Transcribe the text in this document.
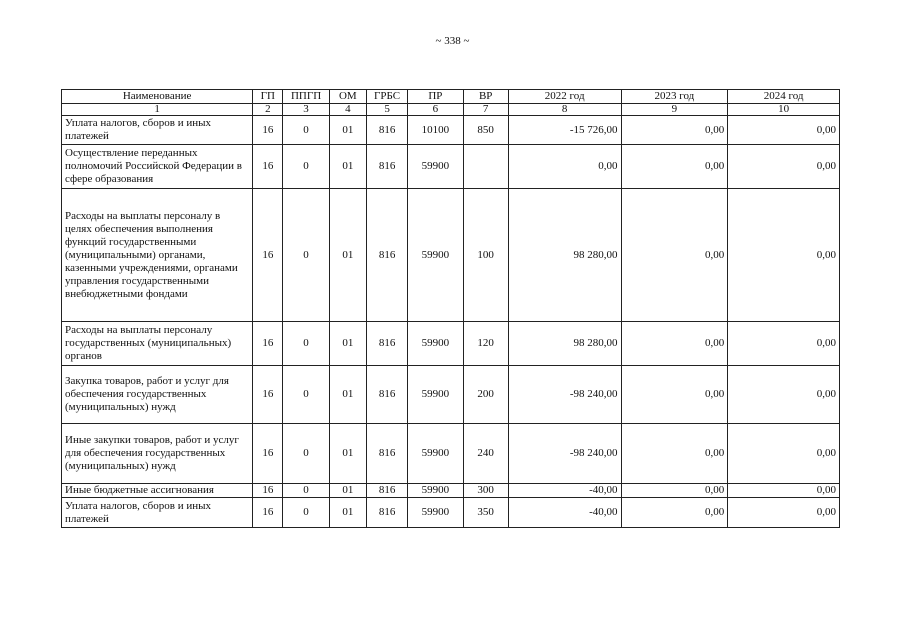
~ 338 ~
Наименование	ГП	ППГП	ОМ	ГРБС	ПР	ВР	2022 год	2023 год	2024 год
1	2	3	4	5	6	7	8	9	10
Уплата налогов, сборов и иных платежей	16	0	01	816	10100	850	-15 726,00	0,00	0,00
Осуществление переданных полномочий Российской Федерации в сфере образования	16	0	01	816	59900		0,00	0,00	0,00
Расходы на выплаты персоналу в целях обеспечения выполнения функций государственными (муниципальными) органами, казенными учреждениями, органами управления государственными внебюджетными фондами	16	0	01	816	59900	100	98 280,00	0,00	0,00
Расходы на выплаты персоналу государственных (муниципальных) органов	16	0	01	816	59900	120	98 280,00	0,00	0,00
Закупка товаров, работ и услуг для обеспечения государственных (муниципальных) нужд	16	0	01	816	59900	200	-98 240,00	0,00	0,00
Иные закупки товаров, работ и услуг для обеспечения государственных (муниципальных) нужд	16	0	01	816	59900	240	-98 240,00	0,00	0,00
Иные бюджетные ассигнования	16	0	01	816	59900	300	-40,00	0,00	0,00
Уплата налогов, сборов и иных платежей	16	0	01	816	59900	350	-40,00	0,00	0,00
